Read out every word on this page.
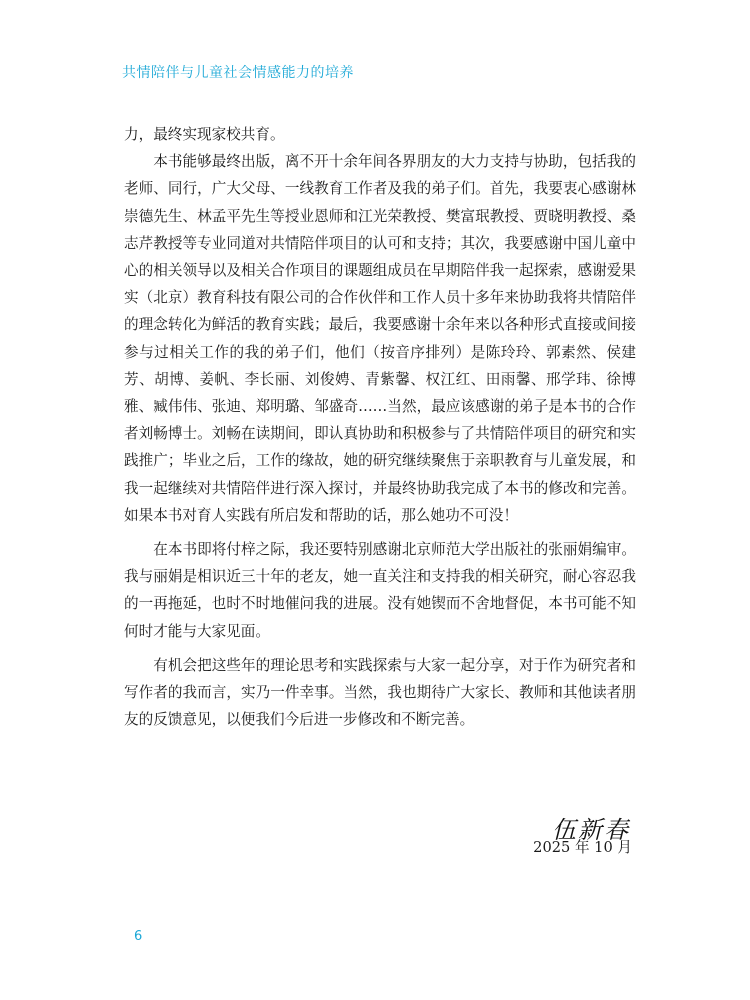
共情陪伴与儿童社会情感能力的培养

力，最终实现家校共育。

本书能够最终出版，离不开十余年间各界朋友的大力支持与协助，包括我的老师、同行，广大父母、一线教育工作者及我的弟子们。首先，我要衷心感谢林崇德先生、林孟平先生等授业恩师和江光荣教授、樊富珉教授、贾晓明教授、桑志芹教授等专业同道对共情陪伴项目的认可和支持；其次，我要感谢中国儿童中心的相关领导以及相关合作项目的课题组成员在早期陪伴我一起探索，感谢爱果实（北京）教育科技有限公司的合作伙伴和工作人员十多年来协助我将共情陪伴的理念转化为鲜活的教育实践；最后，我要感谢十余年来以各种形式直接或间接参与过相关工作的我的弟子们，他们（按音序排列）是陈玲玲、郭素然、侯建芳、胡博、姜帆、李长丽、刘俊娉、青紫馨、权江红、田雨馨、邢学玮、徐博雅、臧伟伟、张迪、郑明璐、邹盛奇……当然，最应该感谢的弟子是本书的合作者刘畅博士。刘畅在读期间，即认真协助和积极参与了共情陪伴项目的研究和实践推广；毕业之后，工作的缘故，她的研究继续聚焦于亲职教育与儿童发展，和我一起继续对共情陪伴进行深入探讨，并最终协助我完成了本书的修改和完善。如果本书对育人实践有所启发和帮助的话，那么她功不可没！

在本书即将付梓之际，我还要特别感谢北京师范大学出版社的张丽娟编审。我与丽娟是相识近三十年的老友，她一直关注和支持我的相关研究，耐心容忍我的一再拖延，也时不时地催问我的进展。没有她锲而不舍地督促，本书可能不知何时才能与大家见面。

有机会把这些年的理论思考和实践探索与大家一起分享，对于作为研究者和写作者的我而言，实乃一件幸事。当然，我也期待广大家长、教师和其他读者朋友的反馈意见，以便我们今后进一步修改和不断完善。

伍新春
2025 年 10 月
6
